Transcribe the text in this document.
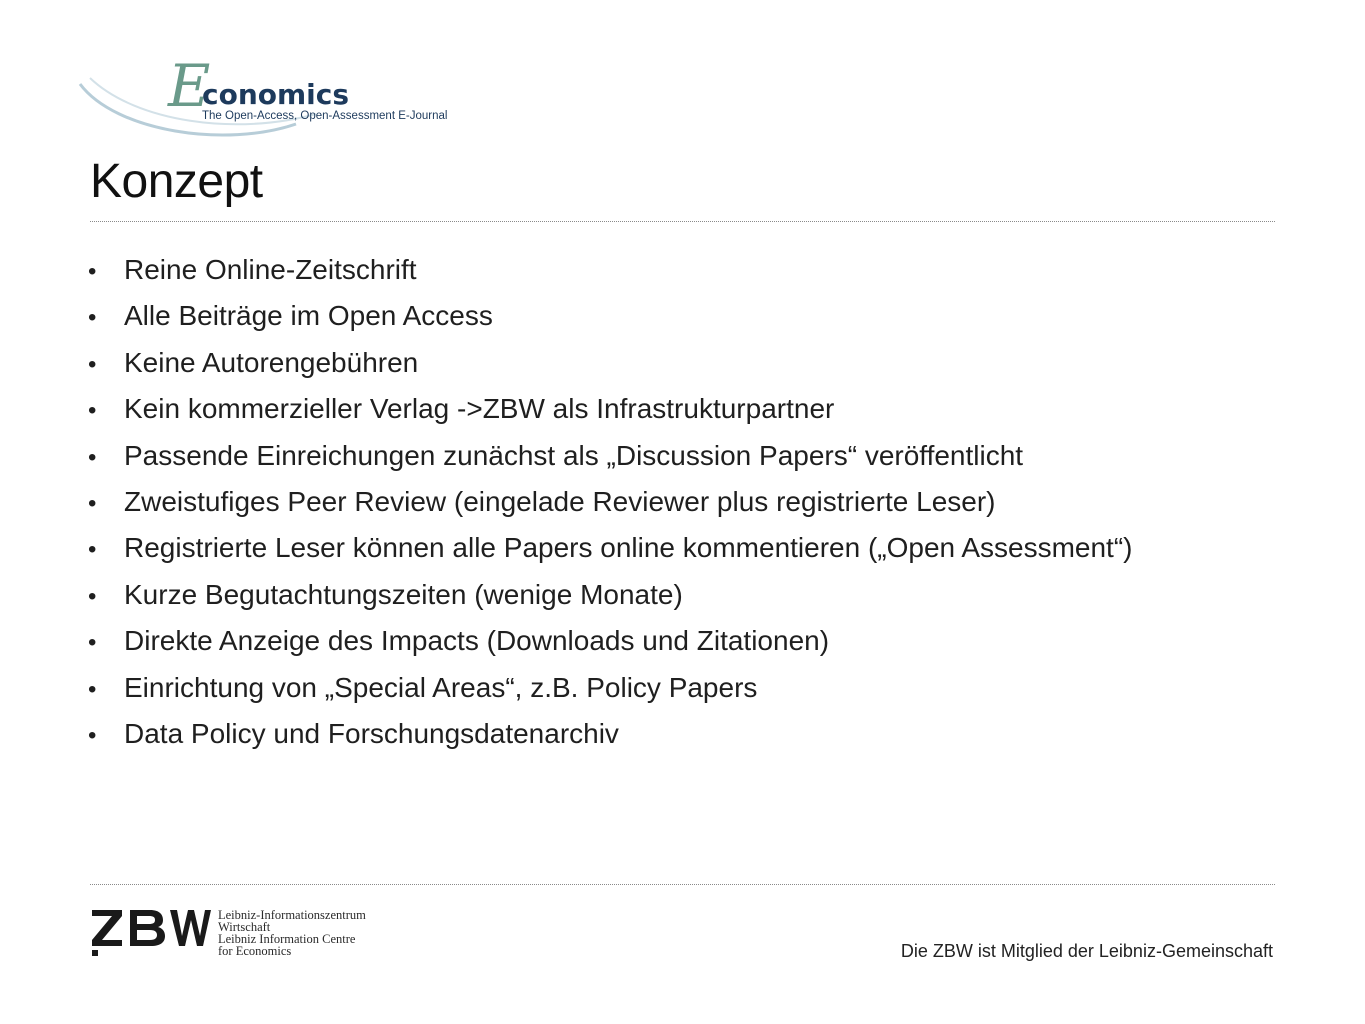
E
conomics
The Open-Access, Open-Assessment E-Journal
Konzept
• Reine Online-Zeitschrift
• Alle Beiträge im Open Access
• Keine Autorengebühren
• Kein kommerzieller Verlag ->ZBW als Infrastrukturpartner
• Passende Einreichungen zunächst als „Discussion Papers“ veröffentlicht
• Zweistufiges Peer Review (eingelade Reviewer plus registrierte Leser)
• Registrierte Leser können alle Papers online kommentieren („Open Assessment“)
• Kurze Begutachtungszeiten (wenige Monate)
• Direkte Anzeige des Impacts (Downloads und Zitationen)
• Einrichtung von „Special Areas“, z.B. Policy Papers
• Data Policy und Forschungsdatenarchiv
Leibniz-Informationszentrum
Wirtschaft
Leibniz Information Centre
for Economics	Die ZBW ist Mitglied der Leibniz-Gemeinschaft
